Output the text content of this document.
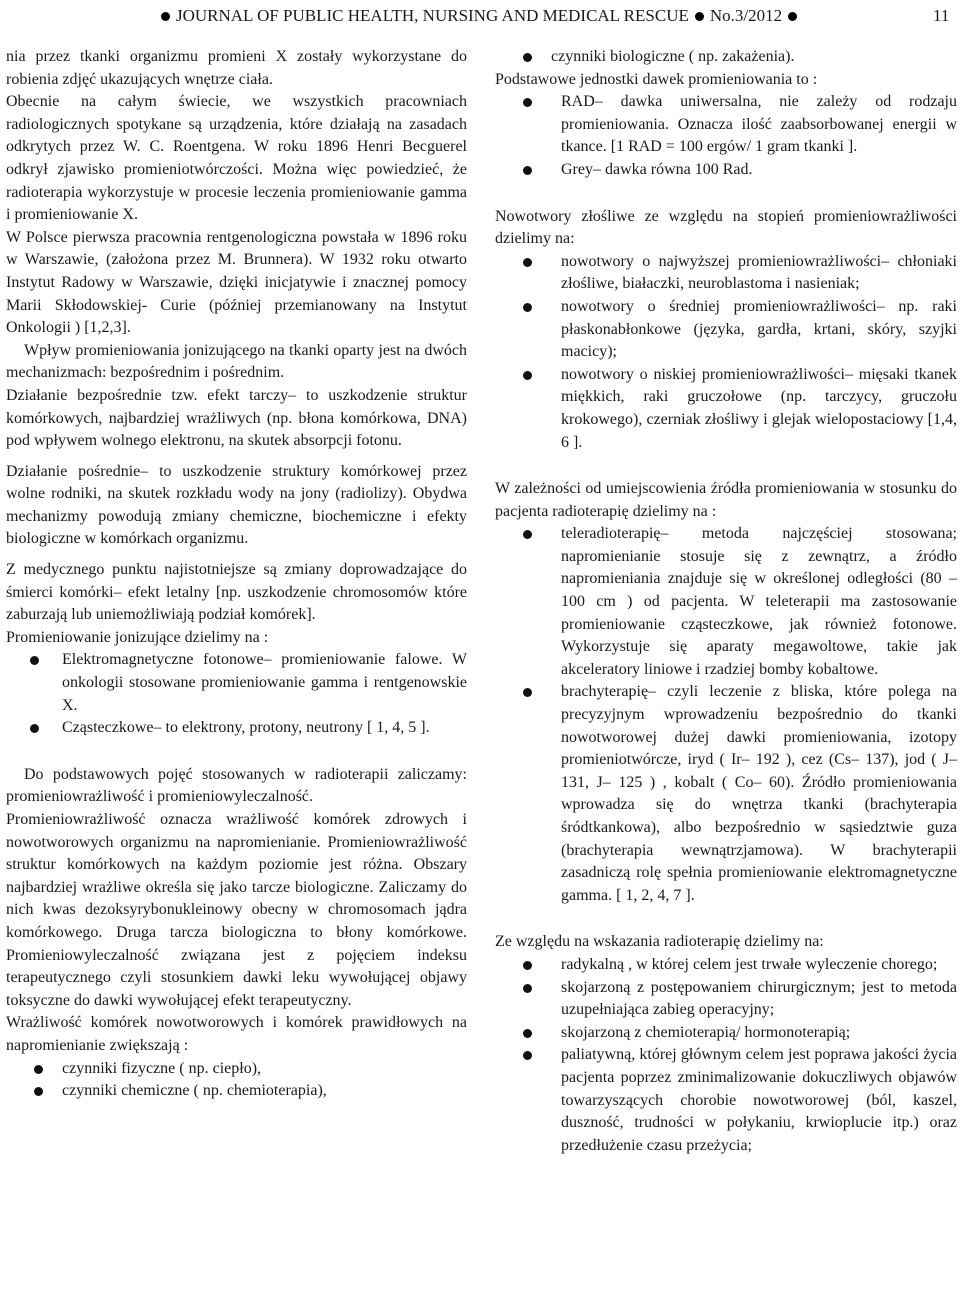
JOURNAL OF PUBLIC HEALTH, NURSING AND MEDICAL RESCUE No.3/2012	11

nia przez tkanki organizmu promieni X zostały wykorzystane do robienia zdjęć ukazujących wnętrze ciała.

Obecnie na całym świecie, we wszystkich pracowniach radiologicznych spotykane są urządzenia, które działają na zasadach odkrytych przez W. C. Roentgena. W roku 1896 Henri Becguerel odkrył zjawisko promieniotwórczości. Można więc powiedzieć, że radioterapia wykorzystuje w procesie leczenia promieniowanie gamma i promieniowanie X.

W Polsce pierwsza pracownia rentgenologiczna powstała w 1896 roku w Warszawie, (założona przez M. Brunnera). W 1932 roku otwarto Instytut Radowy w Warszawie, dzięki inicjatywie i znacznej pomocy Marii Skłodowskiej- Curie (później przemianowany na Instytut Onkologii ) [1,2,3].

Wpływ promieniowania jonizującego na tkanki oparty jest na dwóch mechanizmach: bezpośrednim i pośrednim.

Działanie bezpośrednie tzw. efekt tarczy– to uszkodzenie struktur komórkowych, najbardziej wrażliwych (np. błona komórkowa, DNA) pod wpływem wolnego elektronu, na skutek absorpcji fotonu.

Działanie pośrednie– to uszkodzenie struktury komórkowej przez wolne rodniki, na skutek rozkładu wody na jony (radiolizy). Obydwa mechanizmy powodują zmiany chemiczne, biochemiczne i efekty biologiczne w komórkach organizmu.

Z medycznego punktu najistotniejsze są zmiany doprowadzające do śmierci komórki– efekt letalny [np. uszkodzenie chromosomów które zaburzają lub uniemożliwiają podział komórek].

Promieniowanie jonizujące dzielimy na :

Elektromagnetyczne fotonowe– promieniowanie falowe. W onkologii stosowane promieniowanie gamma i rentgenowskie X.
Cząsteczkowe– to elektrony, protony, neutrony [ 1, 4, 5 ].

Do podstawowych pojęć stosowanych w radioterapii zaliczamy: promieniowrażliwość i promieniowyleczalność.

Promieniowrażliwość oznacza wrażliwość komórek zdrowych i nowotworowych organizmu na napromienianie. Promieniowrażliwość struktur komórkowych na każdym poziomie jest różna. Obszary najbardziej wrażliwe określa się jako tarcze biologiczne. Zaliczamy do nich kwas dezoksyrybonukleinowy obecny w chromosomach jądra komórkowego. Druga tarcza biologiczna to błony komórkowe. Promieniowyleczalność związana jest z pojęciem indeksu terapeutycznego czyli stosunkiem dawki leku wywołującej objawy toksyczne do dawki wywołującej efekt terapeutyczny.

Wrażliwość komórek nowotworowych i komórek prawidłowych na napromienianie zwiększają :

czynniki fizyczne ( np. ciepło),
czynniki chemiczne ( np. chemioterapia),
czynniki biologiczne ( np. zakażenia).

Podstawowe jednostki dawek promieniowania to :

RAD– dawka uniwersalna, nie zależy od rodzaju promieniowania. Oznacza ilość zaabsorbowanej energii w tkance. [1 RAD = 100 ergów/ 1 gram tkanki ].
Grey– dawka równa 100 Rad.

Nowotwory złośliwe ze względu na stopień promieniowrażliwości dzielimy na:

nowotwory o najwyższej promieniowrażliwości– chłoniaki złośliwe, białaczki, neuroblastoma i nasieniak;
nowotwory o średniej promieniowrażliwości– np. raki płaskonabłonkowe (języka, gardła, krtani, skóry, szyjki macicy);
nowotwory o niskiej promieniowrażliwości– mięsaki tkanek miękkich, raki gruczołowe (np. tarczycy, gruczołu krokowego), czerniak złośliwy i glejak wielopostaciowy [1,4, 6 ].

W zależności od umiejscowienia źródła promieniowania w stosunku do pacjenta radioterapię dzielimy na :

teleradioterapię– metoda najczęściej stosowana; napromienianie stosuje się z zewnątrz, a źródło napromieniania znajduje się w określonej odległości (80 – 100 cm ) od pacjenta. W teleterapii ma zastosowanie promieniowanie cząsteczkowe, jak również fotonowe. Wykorzystuje się aparaty megawoltowe, takie jak akceleratory liniowe i rzadziej bomby kobaltowe.
brachyterapię– czyli leczenie z bliska, które polega na precyzyjnym wprowadzeniu bezpośrednio do tkanki nowotworowej dużej dawki promieniowania, izotopy promieniotwórcze, iryd ( Ir– 192 ), cez (Cs– 137), jod ( J– 131, J– 125 ) , kobalt ( Co– 60). Źródło promieniowania wprowadza się do wnętrza tkanki (brachyterapia śródtkankowa), albo bezpośrednio w sąsiedztwie guza (brachyterapia wewnątrzjamowa). W brachyterapii zasadniczą rolę spełnia promieniowanie elektromagnetyczne gamma. [ 1, 2, 4, 7 ].

Ze względu na wskazania radioterapię dzielimy na:

radykalną , w której celem jest trwałe wyleczenie chorego;
skojarzoną z postępowaniem chirurgicznym; jest to metoda uzupełniająca zabieg operacyjny;
skojarzoną z chemioterapią/ hormonoterapią;
paliatywną, której głównym celem jest poprawa jakości życia pacjenta poprzez zminimalizowanie dokuczliwych objawów towarzyszących chorobie nowotworowej (ból, kaszel, duszność, trudności w połykaniu, krwioplucie itp.) oraz przedłużenie czasu przeżycia;
